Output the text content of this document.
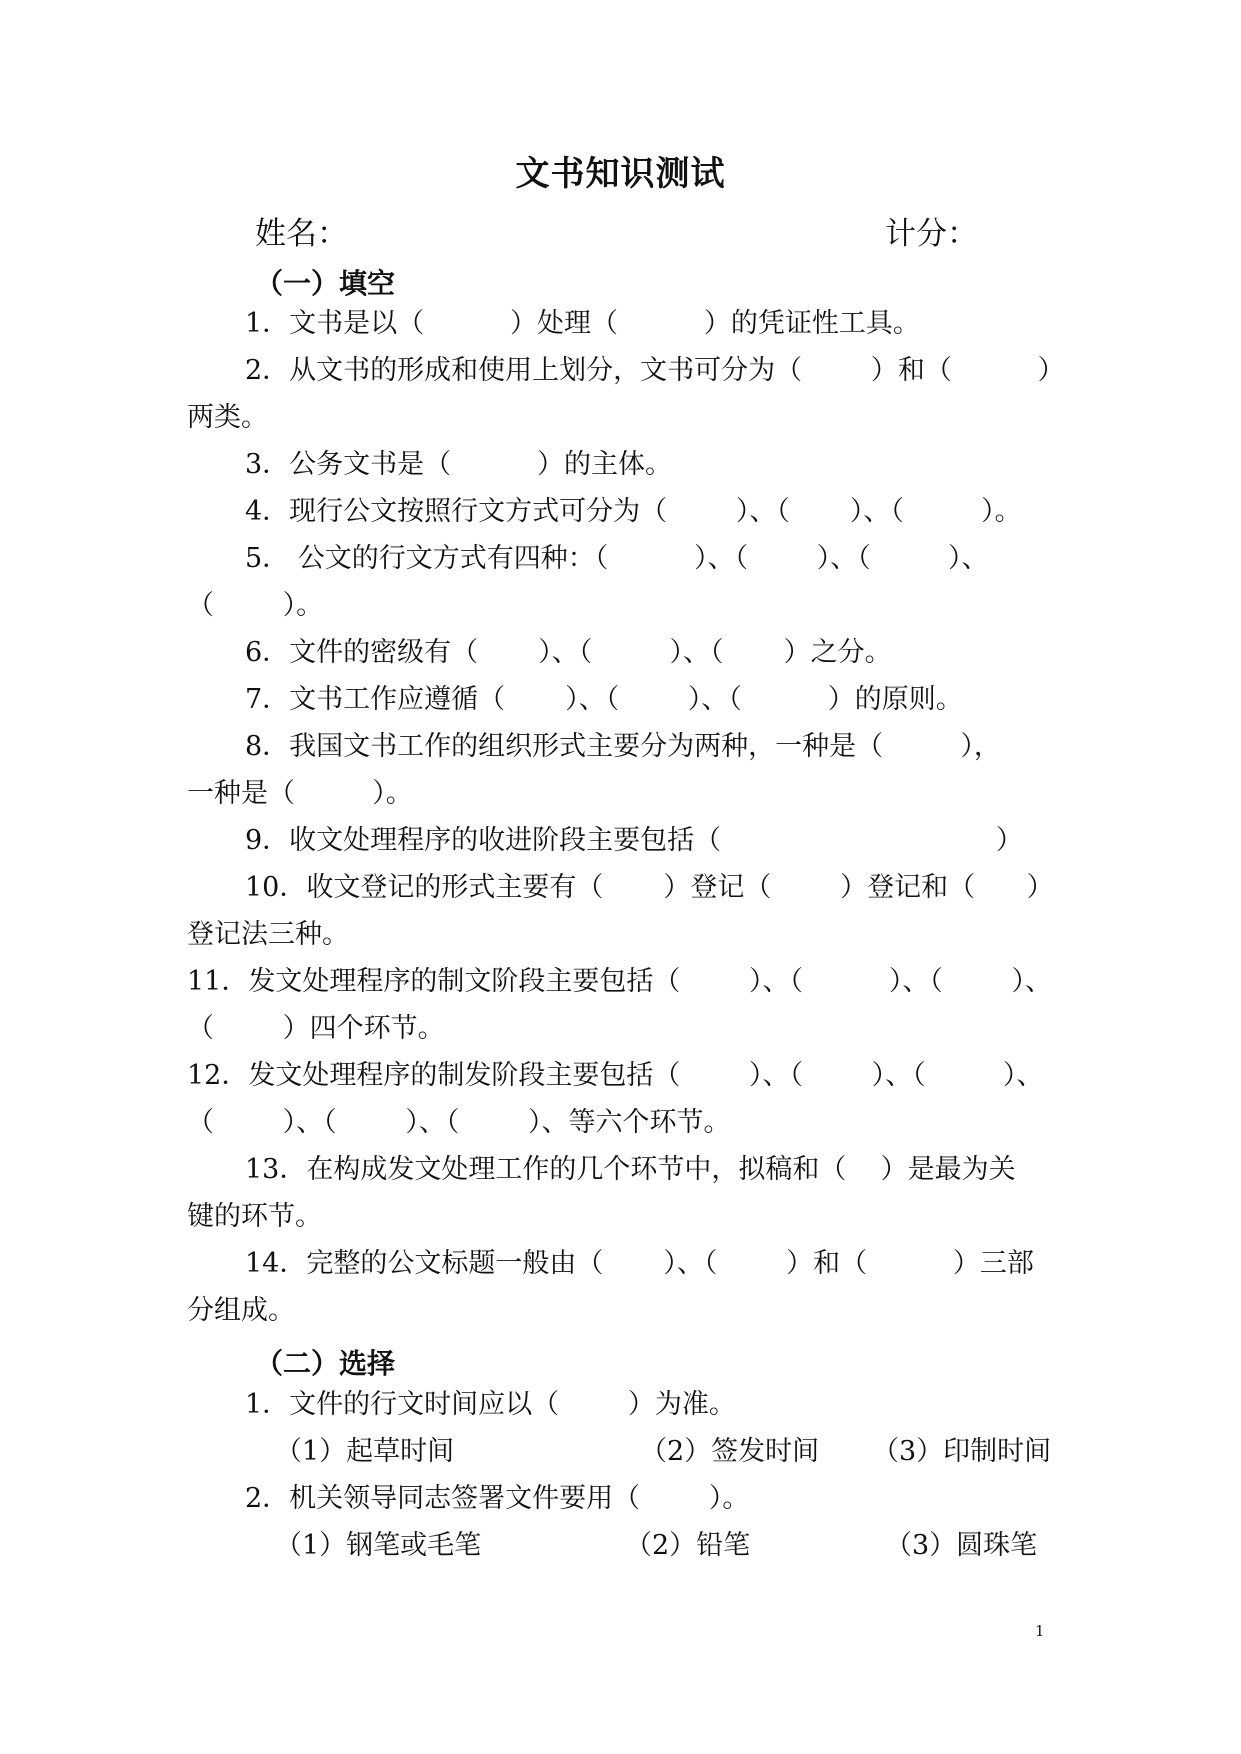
文书知识测试
姓名：	计分：
（一）填空
1．文书是以（          ）处理（          ）的凭证性工具。
2．从文书的形成和使用上划分，文书可分为（        ）和（          ）
两类。
3．公务文书是（          ）的主体。
4．现行公文按照行文方式可分为（        ）、（       ）、（         ）。
5． 公文的行文方式有四种：（          ）、（        ）、（         ）、
（        ）。
6．文件的密级有（       ）、（         ）、（       ）之分。
7．文书工作应遵循（       ）、（        ）、（          ）的原则。
8．我国文书工作的组织形式主要分为两种，一种是（         ），
一种是（         ）。
9．收文处理程序的收进阶段主要包括（                                ）
10．收文登记的形式主要有（       ）登记（        ）登记和（      ）
登记法三种。
11．发文处理程序的制文阶段主要包括（        ）、（          ）、（        ）、
（        ）四个环节。
12．发文处理程序的制发阶段主要包括（        ）、（        ）、（         ）、
（        ）、（        ）、（        ）、等六个环节。
13．在构成发文处理工作的几个环节中，拟稿和（    ）是最为关
键的环节。
14．完整的公文标题一般由（       ）、（        ）和（          ）三部
分组成。
（二）选择
1．文件的行文时间应以（        ）为准。
（1）起草时间	（2）签发时间 （3）印制时间
2．机关领导同志签署文件要用（        ）。
（1）钢笔或毛笔	（2）铅笔	（3）圆珠笔
1
